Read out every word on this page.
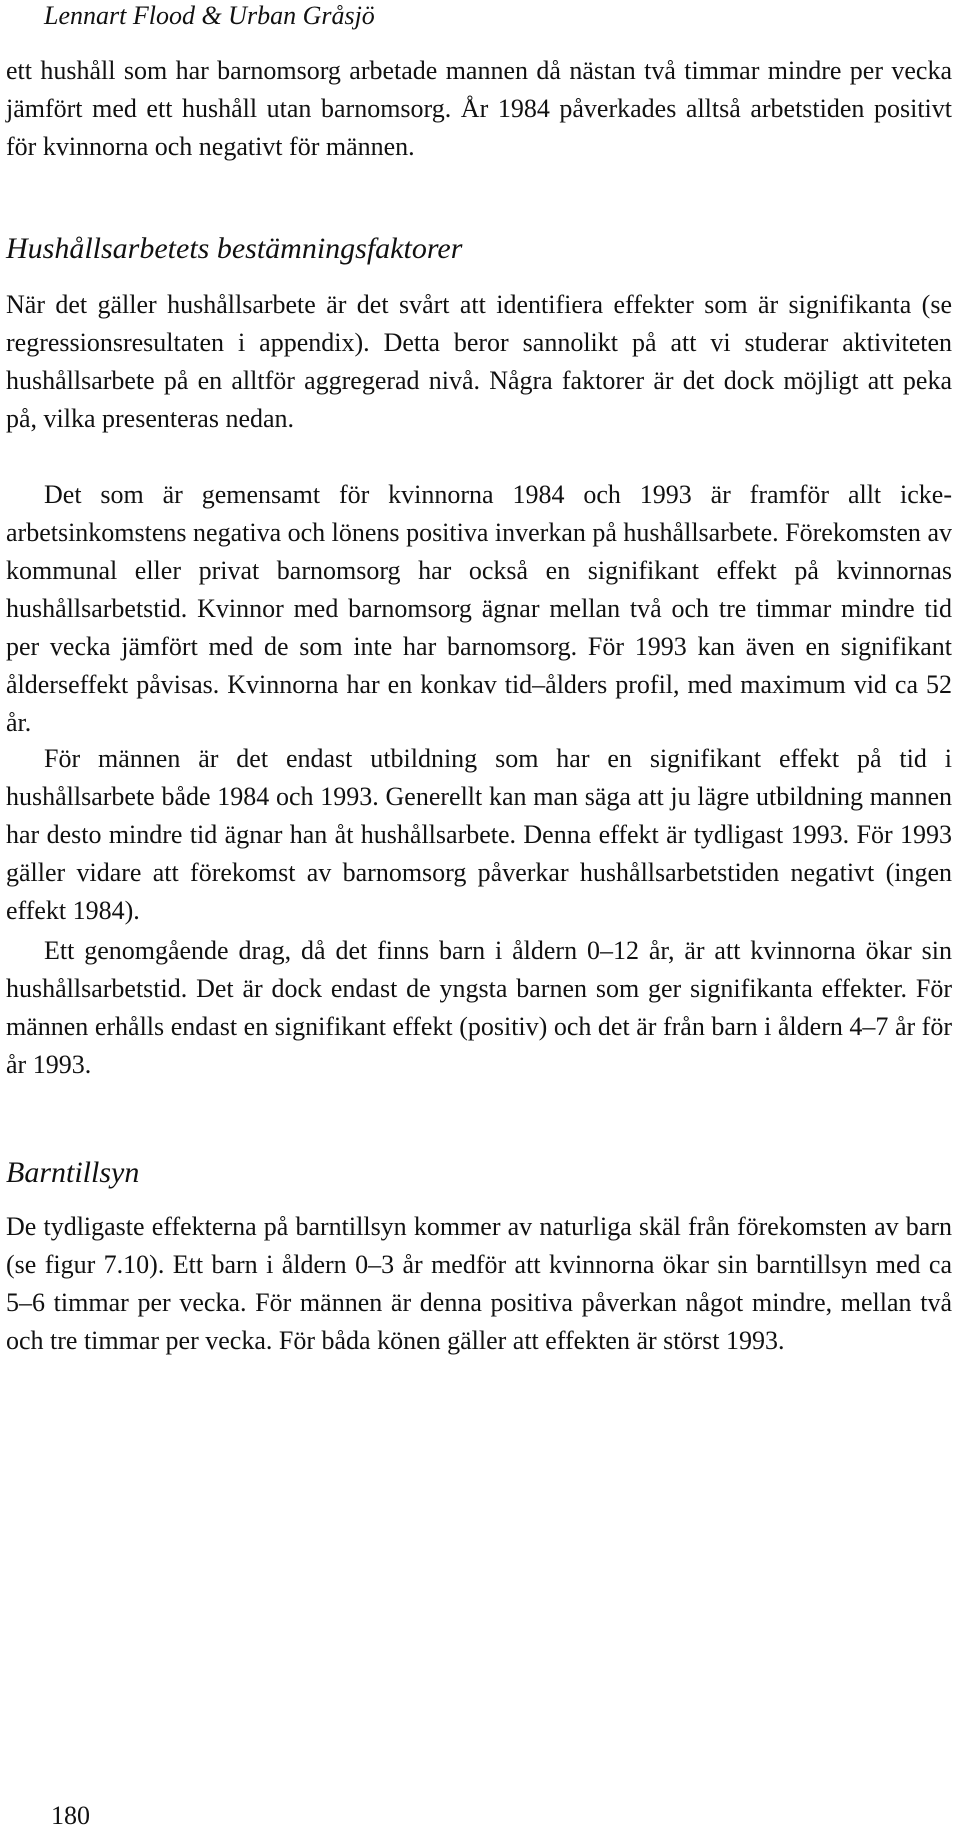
Lennart Flood & Urban Gråsjö

ett hushåll som har barnomsorg arbetade mannen då nästan två timmar mindre per vecka jämfört med ett hushåll utan barnomsorg. År 1984 påverkades alltså arbetstiden positivt för kvinnorna och negativt för männen.

Hushållsarbetets bestämningsfaktorer

När det gäller hushållsarbete är det svårt att identifiera effekter som är signifikanta (se regressionsresultaten i appendix). Detta beror sannolikt på att vi studerar aktiviteten hushållsarbete på en alltför aggregerad nivå. Några faktorer är det dock möjligt att peka på, vilka presenteras nedan.

Det som är gemensamt för kvinnorna 1984 och 1993 är framför allt icke-arbetsinkomstens negativa och lönens positiva inverkan på hushållsarbete. Förekomsten av kommunal eller privat barnomsorg har också en signifikant effekt på kvinnornas hushållsarbetstid. Kvinnor med barnomsorg ägnar mellan två och tre timmar mindre tid per vecka jämfört med de som inte har barnomsorg. För 1993 kan även en signifikant ålderseffekt påvisas. Kvinnorna har en konkav tid–ålders profil, med maximum vid ca 52 år.

För männen är det endast utbildning som har en signifikant effekt på tid i hushållsarbete både 1984 och 1993. Generellt kan man säga att ju lägre utbildning mannen har desto mindre tid ägnar han åt hushållsarbete. Denna effekt är tydligast 1993. För 1993 gäller vidare att förekomst av barnomsorg påverkar hushållsarbetstiden negativt (ingen effekt 1984).

Ett genomgående drag, då det finns barn i åldern 0–12 år, är att kvinnorna ökar sin hushållsarbetstid. Det är dock endast de yngsta barnen som ger signifikanta effekter. För männen erhålls endast en signifikant effekt (positiv) och det är från barn i åldern 4–7 år för år 1993.

Barntillsyn

De tydligaste effekterna på barntillsyn kommer av naturliga skäl från förekomsten av barn (se figur 7.10). Ett barn i åldern 0–3 år medför att kvinnorna ökar sin barntillsyn med ca 5–6 timmar per vecka. För männen är denna positiva påverkan något mindre, mellan två och tre timmar per vecka. För båda könen gäller att effekten är störst 1993.

180
